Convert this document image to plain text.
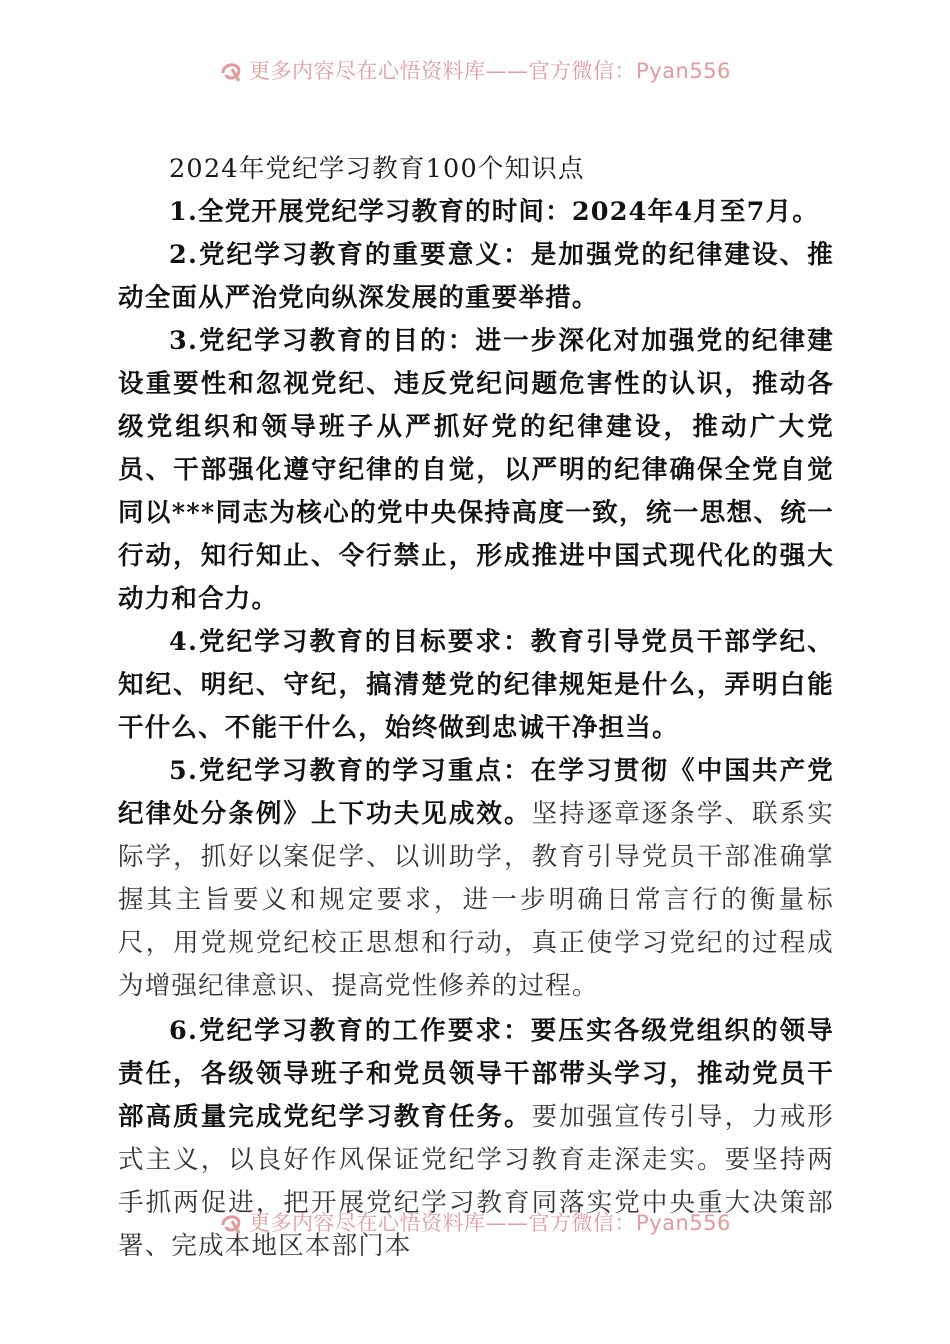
更多内容尽在心悟资料库——官方微信：Pyan556

2024年党纪学习教育100个知识点

1.全党开展党纪学习教育的时间：2024年4月至7月。

2.党纪学习教育的重要意义：是加强党的纪律建设、推动全面从严治党向纵深发展的重要举措。

3.党纪学习教育的目的：进一步深化对加强党的纪律建设重要性和忽视党纪、违反党纪问题危害性的认识，推动各级党组织和领导班子从严抓好党的纪律建设，推动广大党员、干部强化遵守纪律的自觉，以严明的纪律确保全党自觉同以***同志为核心的党中央保持高度一致，统一思想、统一行动，知行知止、令行禁止，形成推进中国式现代化的强大动力和合力。

4.党纪学习教育的目标要求：教育引导党员干部学纪、知纪、明纪、守纪，搞清楚党的纪律规矩是什么，弄明白能干什么、不能干什么，始终做到忠诚干净担当。

5.党纪学习教育的学习重点：在学习贯彻《中国共产党纪律处分条例》上下功夫见成效。坚持逐章逐条学、联系实际学，抓好以案促学、以训助学，教育引导党员干部准确掌握其主旨要义和规定要求，进一步明确日常言行的衡量标尺，用党规党纪校正思想和行动，真正使学习党纪的过程成为增强纪律意识、提高党性修养的过程。

6.党纪学习教育的工作要求：要压实各级党组织的领导责任，各级领导班子和党员领导干部带头学习，推动党员干部高质量完成党纪学习教育任务。要加强宣传引导，力戒形式主义，以良好作风保证党纪学习教育走深走实。要坚持两手抓两促进，把开展党纪学习教育同落实党中央重大决策部署、完成本地区本部门本

更多内容尽在心悟资料库——官方微信：Pyan556
